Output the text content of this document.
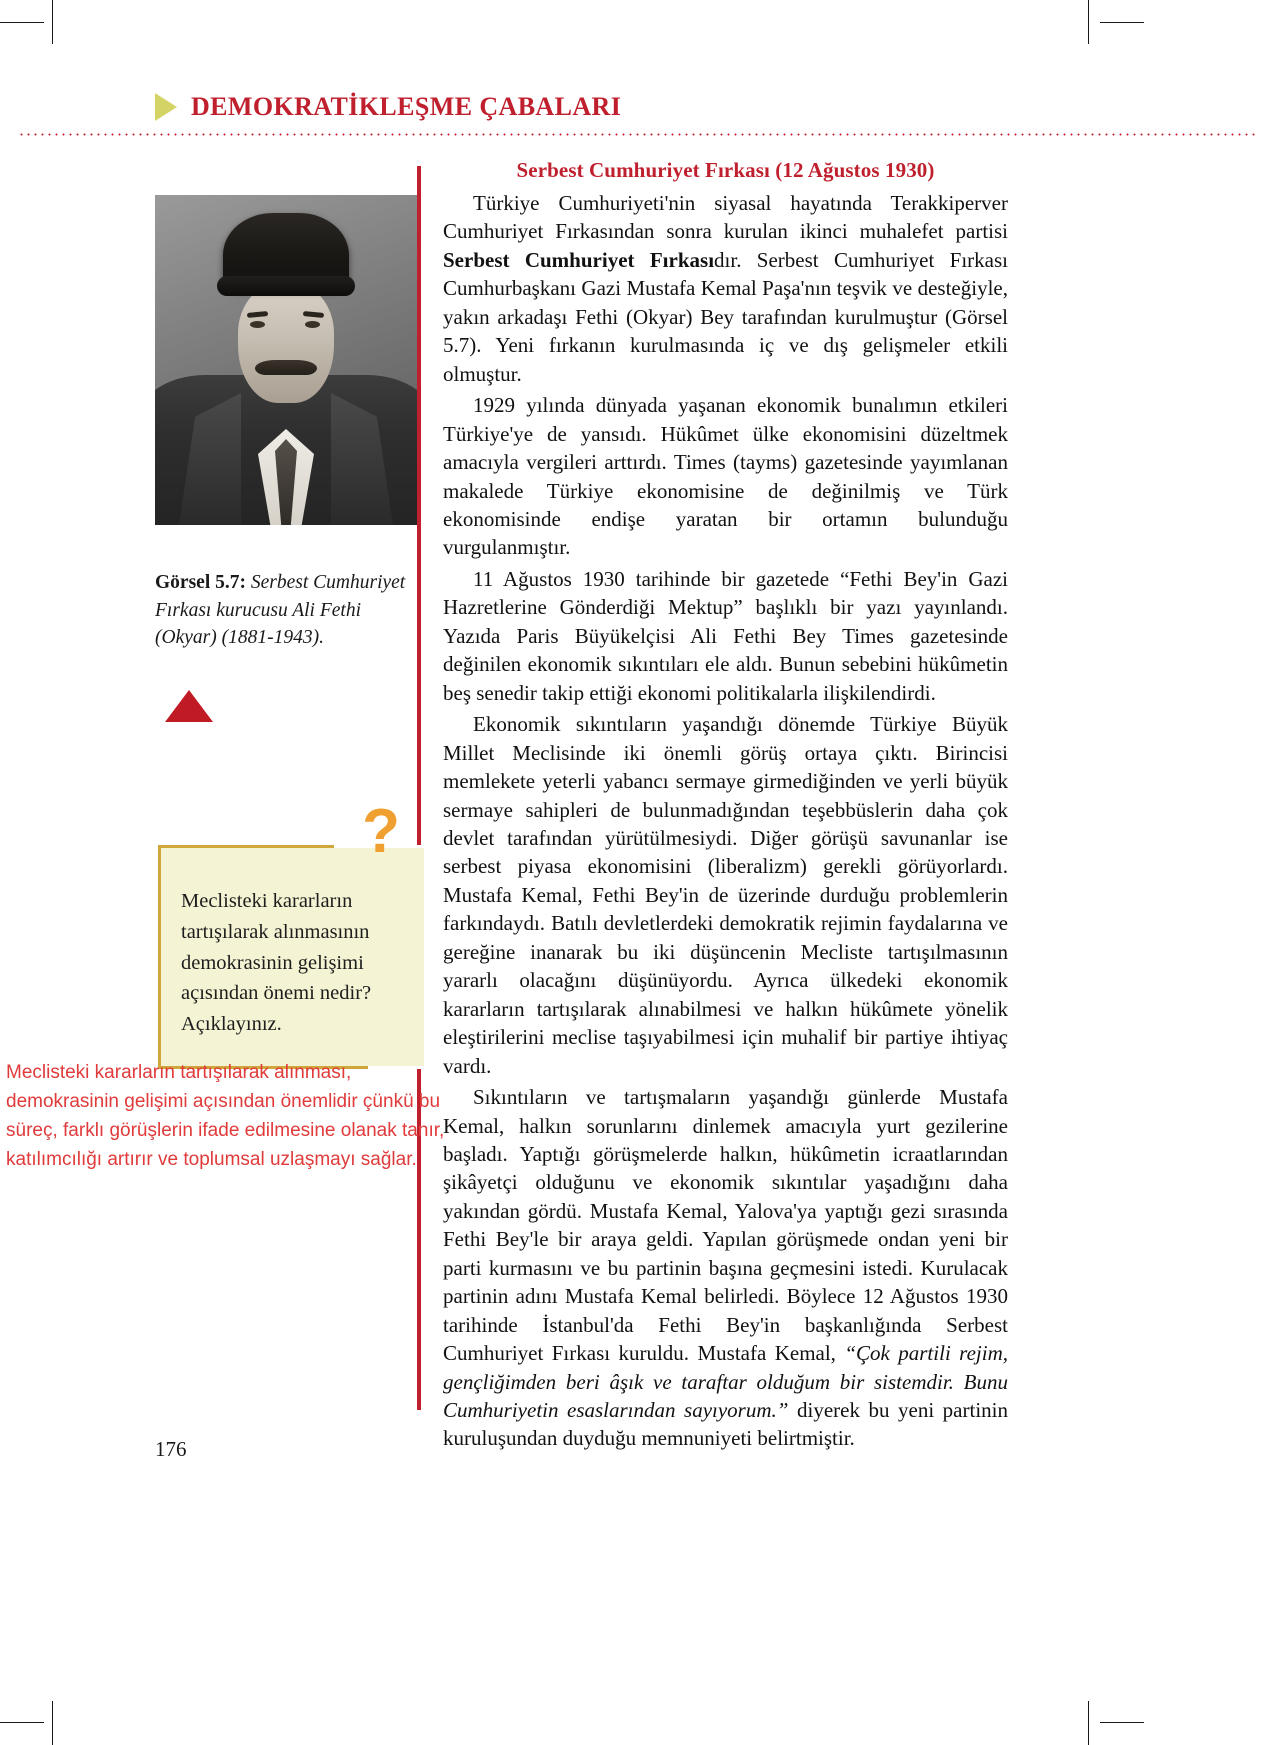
DEMOKRATİKLEŞME ÇABALARI
Görsel 5.7: Serbest Cumhuriyet Fırkası kurucusu Ali Fethi (Okyar) (1881-1943).
?
Meclisteki kararların tartışılarak alınmasının demokrasinin gelişimi açısından önemi nedir? Açıklayınız.
Meclisteki kararların tartışılarak alınması, demokrasinin gelişimi açısından önemlidir çünkü bu süreç, farklı görüşlerin ifade edilmesine olanak tanır, katılımcılığı artırır ve toplumsal uzlaşmayı sağlar.
Serbest Cumhuriyet Fırkası (12 Ağustos 1930)

Türkiye Cumhuriyeti'nin siyasal hayatında Terakkiperver Cumhuriyet Fırkasından sonra kurulan ikinci muhalefet partisi Serbest Cumhuriyet Fırkasıdır. Serbest Cumhuriyet Fırkası Cumhurbaşkanı Gazi Mustafa Kemal Paşa'nın teşvik ve desteğiyle, yakın arkadaşı Fethi (Okyar) Bey tarafından kurulmuştur (Görsel 5.7). Yeni fırkanın kurulmasında iç ve dış gelişmeler etkili olmuştur.

1929 yılında dünyada yaşanan ekonomik bunalımın etkileri Türkiye'ye de yansıdı. Hükûmet ülke ekonomisini düzeltmek amacıyla vergileri arttırdı. Times (tayms) gazetesinde yayımlanan makalede Türkiye ekonomisine de değinilmiş ve Türk ekonomisinde endişe yaratan bir ortamın bulunduğu vurgulanmıştır.

11 Ağustos 1930 tarihinde bir gazetede “Fethi Bey'in Gazi Hazretlerine Gönderdiği Mektup” başlıklı bir yazı yayınlandı. Yazıda Paris Büyükelçisi Ali Fethi Bey Times gazetesinde değinilen ekonomik sıkıntıları ele aldı. Bunun sebebini hükûmetin beş senedir takip ettiği ekonomi politikalarla ilişkilendirdi.

Ekonomik sıkıntıların yaşandığı dönemde Türkiye Büyük Millet Meclisinde iki önemli görüş ortaya çıktı. Birincisi memlekete yeterli yabancı sermaye girmediğinden ve yerli büyük sermaye sahipleri de bulunmadığından teşebbüslerin daha çok devlet tarafından yürütülmesiydi. Diğer görüşü savunanlar ise serbest piyasa ekonomisini (liberalizm) gerekli görüyorlardı. Mustafa Kemal, Fethi Bey'in de üzerinde durduğu problemlerin farkındaydı. Batılı devletlerdeki demokratik rejimin faydalarına ve gereğine inanarak bu iki düşüncenin Mecliste tartışılmasının yararlı olacağını düşünüyordu. Ayrıca ülkedeki ekonomik kararların tartışılarak alınabilmesi ve halkın hükûmete yönelik eleştirilerini meclise taşıyabilmesi için muhalif bir partiye ihtiyaç vardı.

Sıkıntıların ve tartışmaların yaşandığı günlerde Mustafa Kemal, halkın sorunlarını dinlemek amacıyla yurt gezilerine başladı. Yaptığı görüşmelerde halkın, hükûmetin icraatlarından şikâyetçi olduğunu ve ekonomik sıkıntılar yaşadığını daha yakından gördü. Mustafa Kemal, Yalova'ya yaptığı gezi sırasında Fethi Bey'le bir araya geldi. Yapılan görüşmede ondan yeni bir parti kurmasını ve bu partinin başına geçmesini istedi. Kurulacak partinin adını Mustafa Kemal belirledi. Böylece 12 Ağustos 1930 tarihinde İstanbul'da Fethi Bey'in başkanlığında Serbest Cumhuriyet Fırkası kuruldu. Mustafa Kemal, “Çok partili rejim, gençliğimden beri âşık ve taraftar olduğum bir sistemdir. Bunu Cumhuriyetin esaslarından sayıyorum.” diyerek bu yeni partinin kuruluşundan duyduğu memnuniyeti belirtmiştir.

176
